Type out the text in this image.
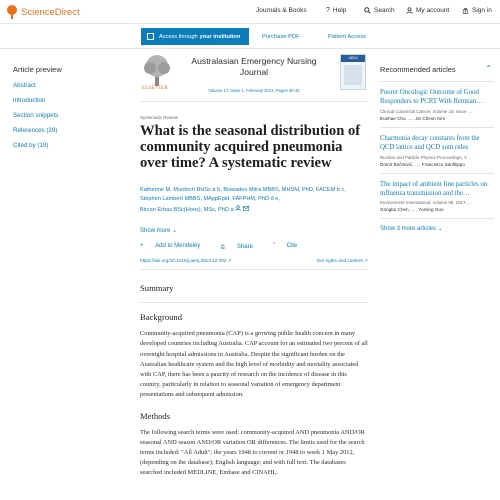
ScienceDirect	Journals & Books	? Help	Search	My account	Sign in
Access through your institution	Purchase PDF	Patient Access
Article preview
Abstract
Introduction
Section snippets
References (39)
Cited by (19)
ELSEVIER
Australasian Emergency Nursing Journal
Volume 17, Issue 1, February 2014, Pages 30-42
AENJ
Systematic Review
What is the seasonal distribution of community acquired pneumonia over time? A systematic review
Katherine M. Murdoch BHSc a b, Biswadev Mitra MBBS, MHSM, PhD, FACEM b c,
Stephen Lambert MBBS, MAppEpid, FAFPHM, PhD d e,
Bircan Erbas BSc(Hons), MSc, PhD a
Show more ⌄
+ Add to Mendeley	⪸ Share	” Cite
https://doi.org/10.1016/j.aenj.2013.12.002 ↗	Get rights and content ↗
Summary
Background

Community-acquired pneumonia (CAP) is a growing public health concern in many developed countries including Australia. CAP account for an estimated two percent of all overnight hospital admissions in Australia. Despite the significant burden on the Australian healthcare system and the high level of morbidity and mortality associated with CAP, there has been a paucity of research on the incidence of disease in this country, particularly in relation to seasonal variation of emergency department presentations and subsequent admission.

Methods

The following search terms were used: community-acquired AND pneumonia AND/OR seasonal AND season AND/OR variation OR differences. The limits used for the search terms included: "All Adult"; the years 1948 to current or 1948 to week 1 May 2012, (depending on the database); English language; and with full text. The databases searched included MEDLINE, Embase and CINAHL.

Recommended articles	⌃
Poorer Oncologic Outcome of Good Responders to PCRT With Remnan…
Clinical Colorectal Cancer, Volume 18, Issue …
Eunhae Cho, …, Jin Cheon Kim
Charmonia decay constants from the QCD lattice and QCD sum rules
Nuclear and Particle Physics Proceedings, V…
Domir Bečirević, …, Francesco Sanfilippo
The impact of ambient fine particles on influenza transmission and the…
Environment International, Volume 98, 2017,…
Gongbo Chen, …, Yuming Guo
Show 3 more articles ⌄
